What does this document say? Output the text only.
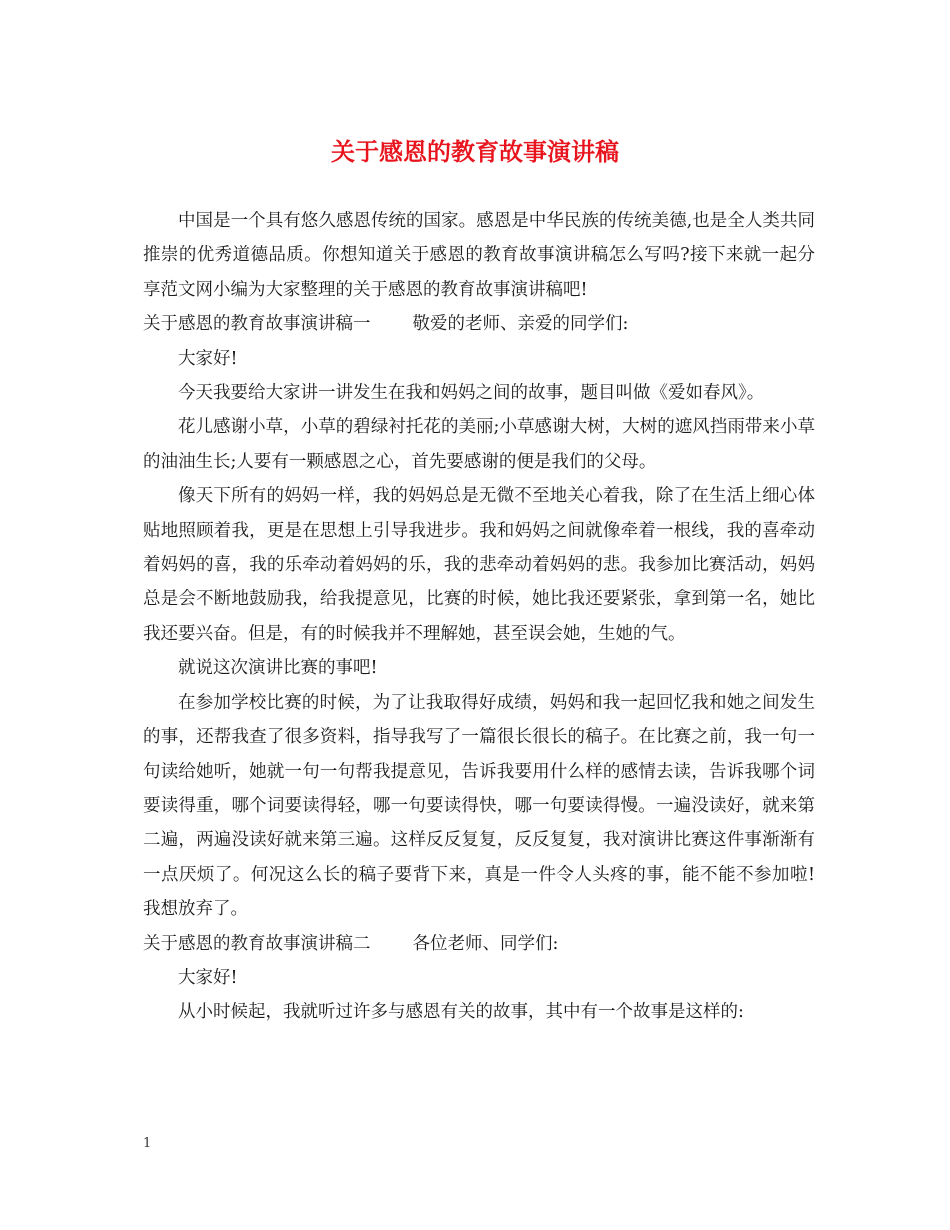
关于感恩的教育故事演讲稿

中国是一个具有悠久感恩传统的国家。感恩是中华民族的传统美德,也是全人类共同推崇的优秀道德品质。你想知道关于感恩的教育故事演讲稿怎么写吗?接下来就一起分享范文网小编为大家整理的关于感恩的教育故事演讲稿吧!

关于感恩的教育故事演讲稿一 敬爱的老师、亲爱的同学们:

大家好!

今天我要给大家讲一讲发生在我和妈妈之间的故事，题目叫做《爱如春风》。

花儿感谢小草，小草的碧绿衬托花的美丽;小草感谢大树，大树的遮风挡雨带来小草的油油生长;人要有一颗感恩之心，首先要感谢的便是我们的父母。

像天下所有的妈妈一样，我的妈妈总是无微不至地关心着我，除了在生活上细心体贴地照顾着我，更是在思想上引导我进步。我和妈妈之间就像牵着一根线，我的喜牵动着妈妈的喜，我的乐牵动着妈妈的乐，我的悲牵动着妈妈的悲。我参加比赛活动，妈妈总是会不断地鼓励我，给我提意见，比赛的时候，她比我还要紧张，拿到第一名，她比我还要兴奋。但是，有的时候我并不理解她，甚至误会她，生她的气。

就说这次演讲比赛的事吧!

在参加学校比赛的时候，为了让我取得好成绩，妈妈和我一起回忆我和她之间发生的事，还帮我查了很多资料，指导我写了一篇很长很长的稿子。在比赛之前，我一句一句读给她听，她就一句一句帮我提意见，告诉我要用什么样的感情去读，告诉我哪个词要读得重，哪个词要读得轻，哪一句要读得快，哪一句要读得慢。一遍没读好，就来第二遍，两遍没读好就来第三遍。这样反反复复，反反复复，我对演讲比赛这件事渐渐有一点厌烦了。何况这么长的稿子要背下来，真是一件令人头疼的事，能不能不参加啦!我想放弃了。

关于感恩的教育故事演讲稿二 各位老师、同学们:

大家好!

从小时候起，我就听过许多与感恩有关的故事，其中有一个故事是这样的:

1
